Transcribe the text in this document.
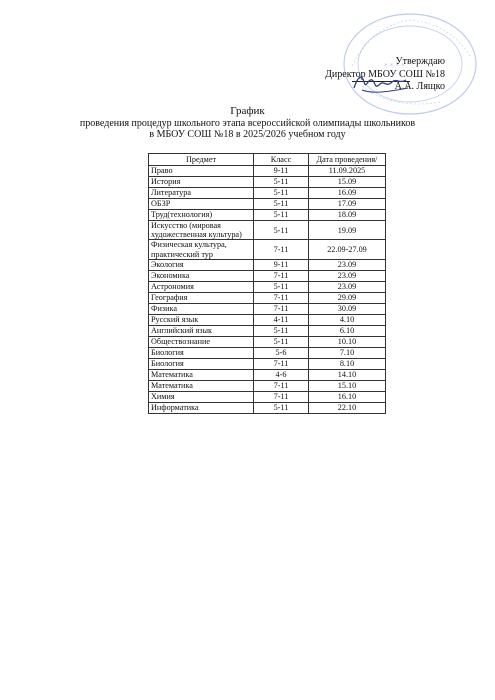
* * * *
Утверждаю
Директор МБОУ СОШ №18
А.А. Лящко
График
проведения процедур школьного этапа всероссийской олимпиады школьников
в МБОУ СОШ №18 в 2025/2026 учебном году
Предмет	Класс	Дата проведения/
Право	9-11	11.09.2025
История	5-11	15.09
Литература	5-11	16.09
ОБЗР	5-11	17.09
Труд(технология)	5-11	18.09
Искусство (мировая художественная культура)	5-11	19.09
Физическая культура, практический тур	7-11	22.09-27.09
Экология	9-11	23.09
Экономика	7-11	23.09
Астрономия	5-11	23.09
География	7-11	29.09
Физика	7-11	30.09
Русский язык	4-11	4.10
Английский язык	5-11	6.10
Обществознание	5-11	10.10
Биология	5-6	7.10
Биология	7-11	8.10
Математика	4-6	14.10
Математика	7-11	15.10
Химия	7-11	16.10
Информатика	5-11	22.10
